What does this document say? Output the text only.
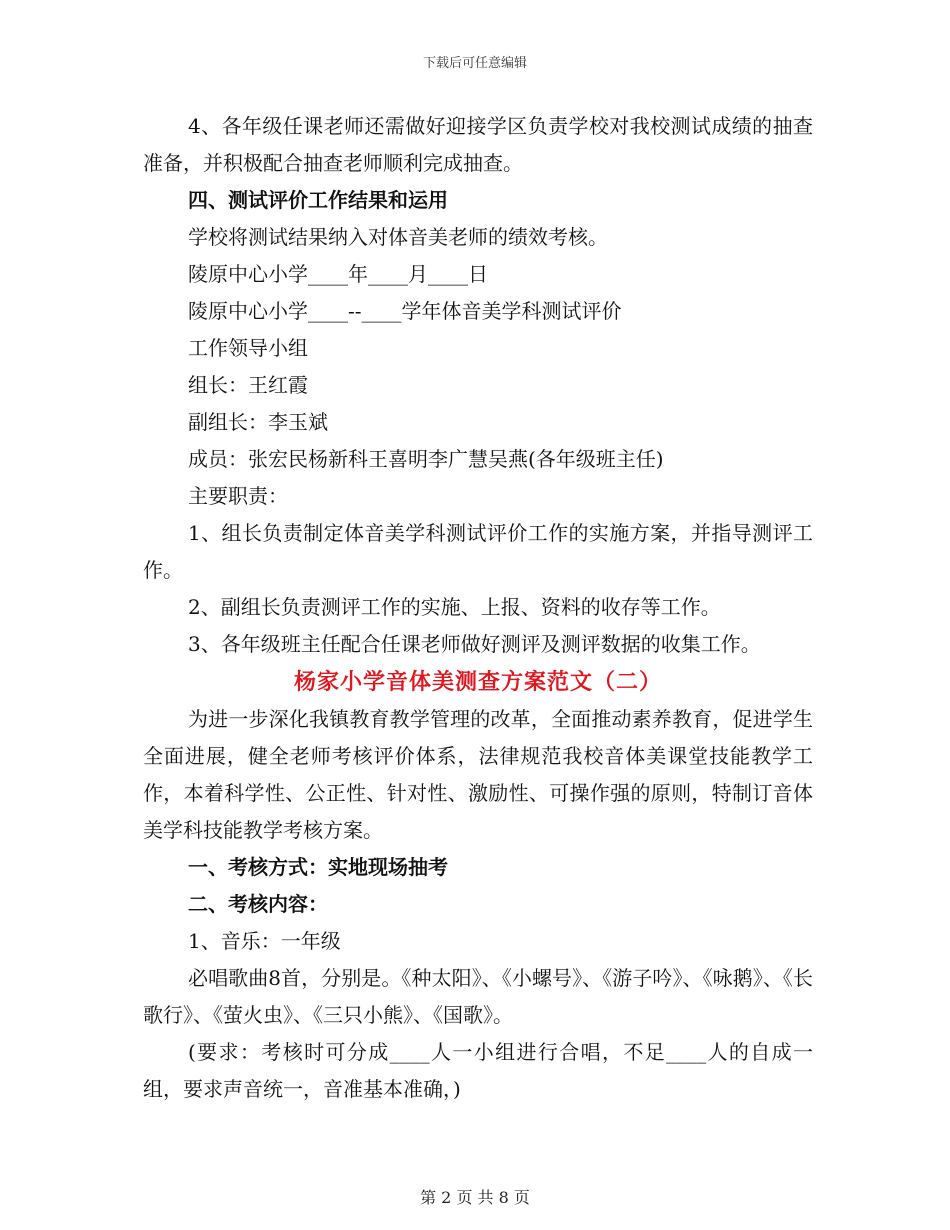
下载后可任意编辑

4、各年级任课老师还需做好迎接学区负责学校对我校测试成绩的抽查准备，并积极配合抽查老师顺利完成抽查。

四、测试评价工作结果和运用

学校将测试结果纳入对体音美老师的绩效考核。

陵原中心小学____年____月____日

陵原中心小学____--____学年体音美学科测试评价

工作领导小组

组长：王红霞

副组长：李玉斌

成员：张宏民杨新科王喜明李广慧吴燕(各年级班主任)

主要职责：

1、组长负责制定体音美学科测试评价工作的实施方案，并指导测评工作。

2、副组长负责测评工作的实施、上报、资料的收存等工作。

3、各年级班主任配合任课老师做好测评及测评数据的收集工作。

杨家小学音体美测查方案范文（二）

为进一步深化我镇教育教学管理的改革，全面推动素养教育，促进学生全面进展，健全老师考核评价体系，法律规范我校音体美课堂技能教学工作，本着科学性、公正性、针对性、激励性、可操作强的原则，特制订音体美学科技能教学考核方案。

一、考核方式：实地现场抽考

二、考核内容：

1、音乐：一年级

必唱歌曲8首，分别是。《种太阳》、《小螺号》、《游子吟》、《咏鹅》、《长歌行》、《萤火虫》、《三只小熊》、《国歌》。

(要求：考核时可分成____人一小组进行合唱，不足____人的自成一组，要求声音统一，音准基本准确，)

第 2 页 共 8 页
